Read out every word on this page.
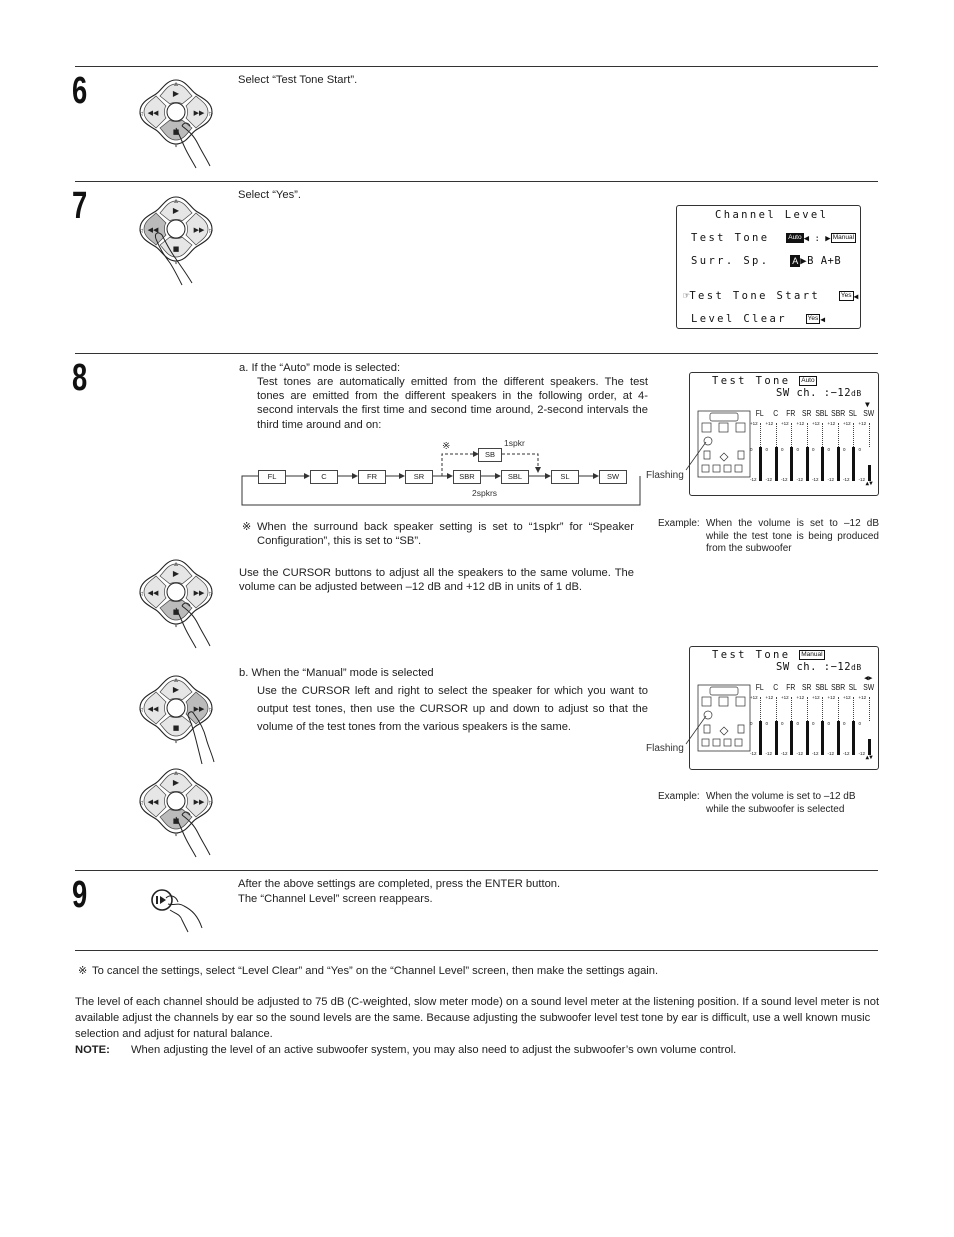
6
7
8
9
▶
■
◀◀	▶▶
∆
∇
◁	▷
▶
■
◀◀	▶▶
∆
∇
◁	▷
▶
■
◀◀	▶▶
∆
∇
◁	▷
▶
■
◀◀	▶▶
∆
∇
◁	▷
▶
■
◀◀	▶▶
∆
∇
◁	▷
Select “Test Tone Start”.
Select “Yes”.
Channel Level
Test Tone	Auto ◀ : ▶ Manual
Surr. Sp.	A ▶B A+B
☞Test Tone Start	Yes ◀
Level Clear	Yes ◀
a. If the “Auto” mode is selected:
Test tones are automatically emitted from the different speakers. The test tones are emitted from the different speakers in the following order, at 4-second intervals the first time and second time around, 2-second intervals the third time around and on:
FL	C	FR	SR	SBR	SBL	SL	SW
SB
1spkr
2spkrs
※
※ When the surround back speaker setting is set to “1spkr” for “Speaker Configuration”, this is set to “SB”.
Use the CURSOR buttons to adjust all the speakers to the same volume. The volume can be adjusted between –12 dB and +12 dB in units of 1 dB.
b. When the “Manual” mode is selected
Use the CURSOR left and right to select the speaker for which you want to output test tones, then use the CURSOR up and down to adjust so that the volume of the test tones from the various speakers is the same.
Test Tone Auto
SW ch. :−12dB
▼
FL
+12
0
-12
C
+12
0
-12
FR
+12
0
-12
SR
+12
0
-12
SBL
+12
0
-12
SBR
+12
0
-12
SL
+12
0
-12
SW
+12
0
-12
▲▼
Flashing
Example: When the volume is set to –12 dB while the test tone is being produced from the subwoofer
Test Tone Manual
SW ch. :−12dB
◀▶
FL
+12
0
-12
C
+12
0
-12
FR
+12
0
-12
SR
+12
0
-12
SBL
+12
0
-12
SBR
+12
0
-12
SL
+12
0
-12
SW
+12
0
-12
▲▼
Flashing
Example: When the volume is set to –12 dB while the subwoofer is selected
After the above settings are completed, press the ENTER button.
The “Channel Level” screen reappears.
※ To cancel the settings, select “Level Clear” and “Yes” on the “Channel Level” screen, then make the settings again.
The level of each channel should be adjusted to 75 dB (C-weighted, slow meter mode) on a sound level meter at the listening position. If a sound level meter is not available adjust the channels by ear so the sound levels are the same. Because adjusting the subwoofer level test tone by ear is difficult, use a well known music selection and adjust for natural balance.
NOTE: When adjusting the level of an active subwoofer system, you may also need to adjust the subwoofer’s own volume control.
